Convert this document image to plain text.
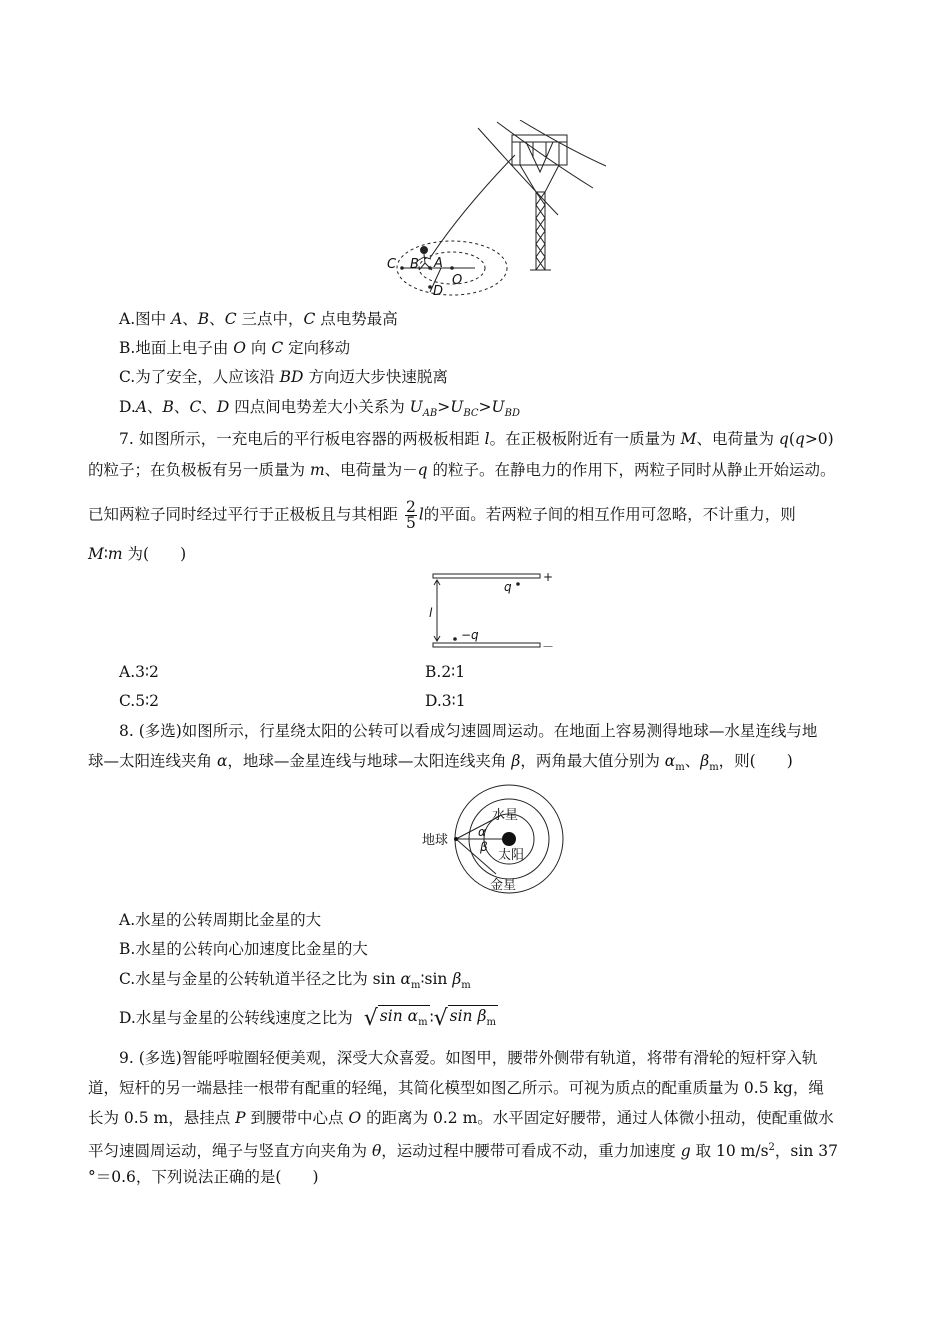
C B A
O
D
A.图中 A、B、C 三点中，C 点电势最高
B.地面上电子由 O 向 C 定向移动
C.为了安全，人应该沿 BD 方向迈大步快速脱离
D.A、B、C、D 四点间电势差大小关系为 $U_{AB}>U_{BC}>U_{BD}$
7. 如图所示，一充电后的平行板电容器的两极板相距 l。在正极板附近有一质量为 M、电荷量为 q(q>0)
的粒子；在负极板有另一质量为 m、电荷量为－q 的粒子。在静电力的作用下，两粒子同时从静止开始运动。
已知两粒子同时经过平行于正极板且与其相距 $\frac{2}{5}$ l的平面。若两粒子间的相互作用可忽略，不计重力，则
M∶m 为(　　)
+
－
q
−q
l
A.3∶2	B.2∶1
C.5∶2	D.3∶1
8. (多选)如图所示，行星绕太阳的公转可以看成匀速圆周运动。在地面上容易测得地球—水星连线与地
球—太阳连线夹角 α，地球—金星连线与地球—太阳连线夹角 β，两角最大值分别为 $\alpha_m$、$\beta_m$，则(　　)
地球
水星
太阳
金星
α
β
A.水星的公转周期比金星的大
B.水星的公转向心加速度比金星的大
C.水星与金星的公转轨道半径之比为 $\sin \alpha_m∶\sin$ $\beta_m$
D.水星与金星的公转线速度之比为 √ $\sin \alpha_m$ ∶√ $\sin \beta_m$
9. (多选)智能呼啦圈轻便美观，深受大众喜爱。如图甲，腰带外侧带有轨道，将带有滑轮的短杆穿入轨
道，短杆的另一端悬挂一根带有配重的轻绳，其简化模型如图乙所示。可视为质点的配重质量为 0.5 kg，绳
长为 0.5 m，悬挂点 P 到腰带中心点 O 的距离为 0.2 m。水平固定好腰带，通过人体微小扭动，使配重做水
平匀速圆周运动，绳子与竖直方向夹角为 θ，运动过程中腰带可看成不动，重力加速度 g 取 10 $m/s^2$，sin 37
°＝0.6，下列说法正确的是(　　)
